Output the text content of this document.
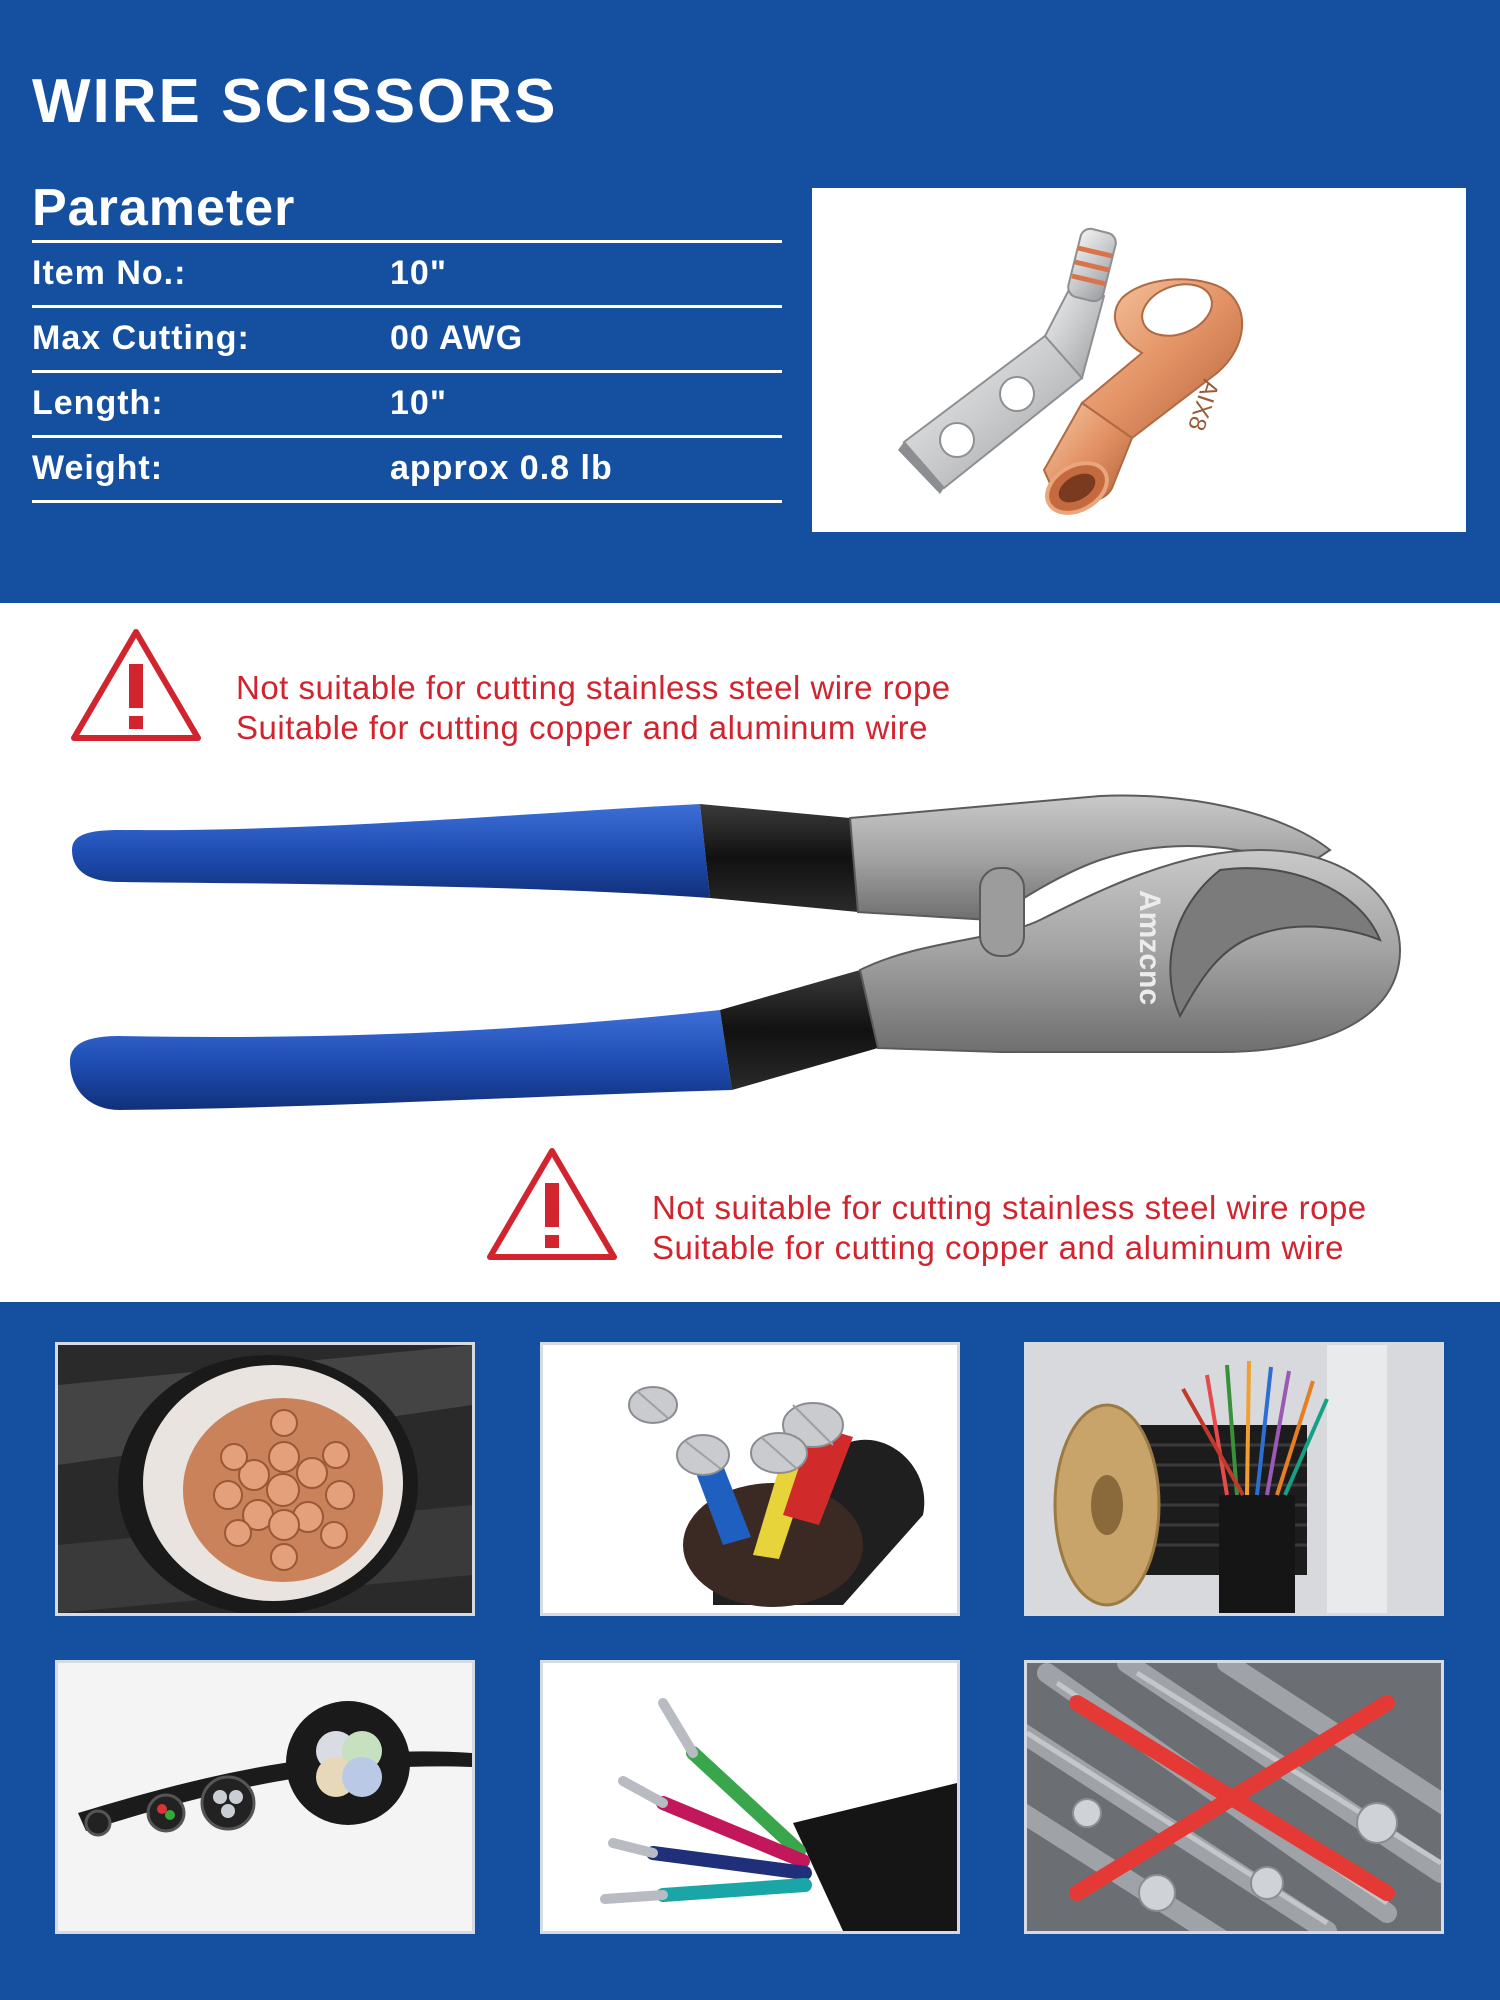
WIRE SCISSORS
Parameter
Item No.:	10"
Max Cutting:	00 AWG
Length:	10"
Weight:	approx 0.8 lb
AIX8
Not suitable for cutting stainless steel wire rope
Suitable for cutting copper and aluminum wire
Amzcnc
Not suitable for cutting stainless steel wire rope
Suitable for cutting copper and aluminum wire
